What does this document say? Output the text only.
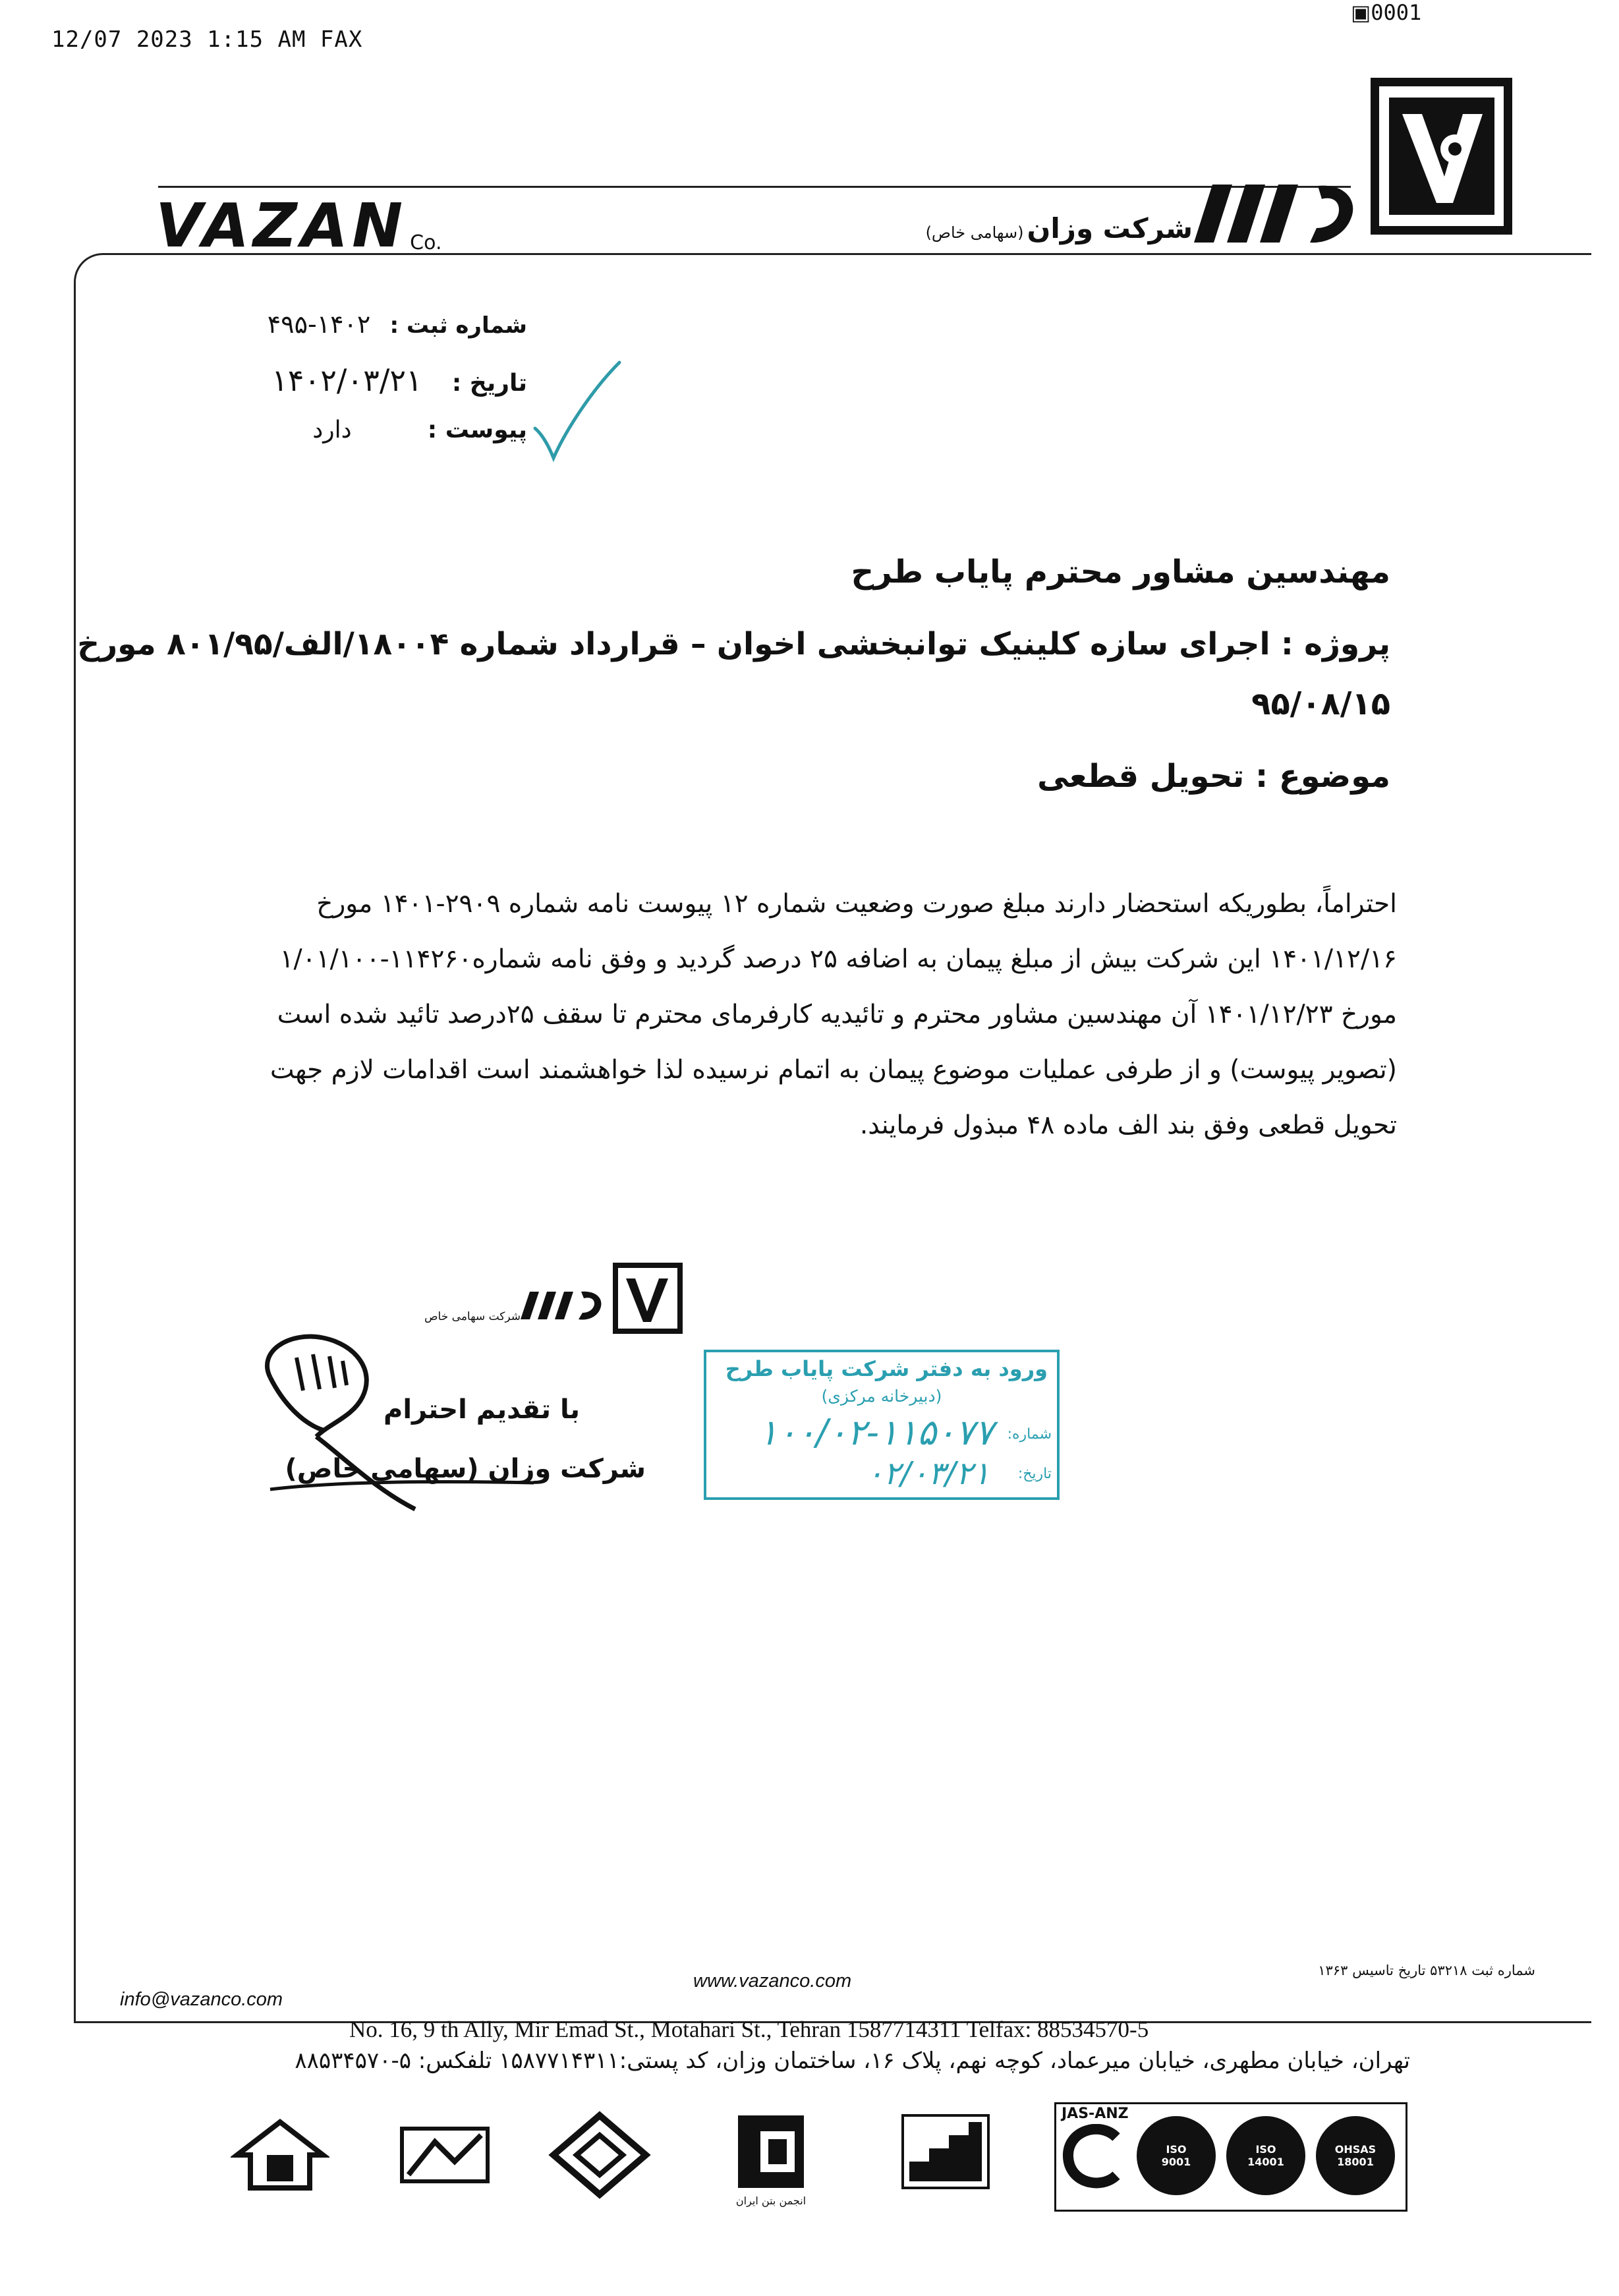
12/07 2023 1:15 AM FAX
▣0001
VAZAN Co.	شرکت وزان (سهامی خاص)
شماره ثبت : ۱۴۰۲-۴۹۵
تاریخ : ۱۴۰۲/۰۳/۲۱
پیوست : دارد
مهندسین مشاور محترم پایاب طرح
پروژه : اجرای سازه کلینیک توانبخشی اخوان – قرارداد شماره ۱۸۰۰۴/الف/۸۰۱/۹۵ مورخ
۹۵/۰۸/۱۵
موضوع : تحویل قطعی
احتراماً، بطوریکه استحضار دارند مبلغ صورت وضعیت شماره ۱۲ پیوست نامه شماره ۲۹۰۹-۱۴۰۱ مورخ
۱۴۰۱/۱۲/۱۶ این شرکت بیش از مبلغ پیمان به اضافه ۲۵ درصد گردید و وفق نامه شماره۱۱۴۲۶۰-۱/۰۱/۱۰۰
مورخ ۱۴۰۱/۱۲/۲۳ آن مهندسین مشاور محترم و تائیدیه کارفرمای محترم تا سقف ۲۵درصد تائید شده است
(تصویر پیوست) و از طرفی عملیات موضوع پیمان به اتمام نرسیده لذا خواهشمند است اقدامات لازم جهت
تحویل قطعی وفق بند الف ماده ۴۸ مبذول فرمایند.
شرکت سهامی خاص
با تقدیم احترام
شرکت وزان (سهامی خاص)
ورود به دفتر شرکت پایاب طرح
(دبیرخانه مرکزی)
شماره:
۱۰۰/۰۲-۱۱۵۰۷۷
تاریخ:
۰۲/۰۳/۲۱
شماره ثبت ۵۳۲۱۸ تاریخ تاسیس ۱۳۶۳
info@vazanco.com
www.vazanco.com
No. 16, 9 th Ally, Mir Emad St., Motahari St., Tehran 1587714311 Telfax: 88534570-5
تهران، خیابان مطهری، خیابان میرعماد، کوچه نهم، پلاک ۱۶، ساختمان وزان، کد پستی:۱۵۸۷۷۱۴۳۱۱ تلفکس: ۵-۸۸۵۳۴۵۷۰
انجمن بتن ایران
JAS-ANZ
ISO 9001
ISO 14001
OHSAS 18001
